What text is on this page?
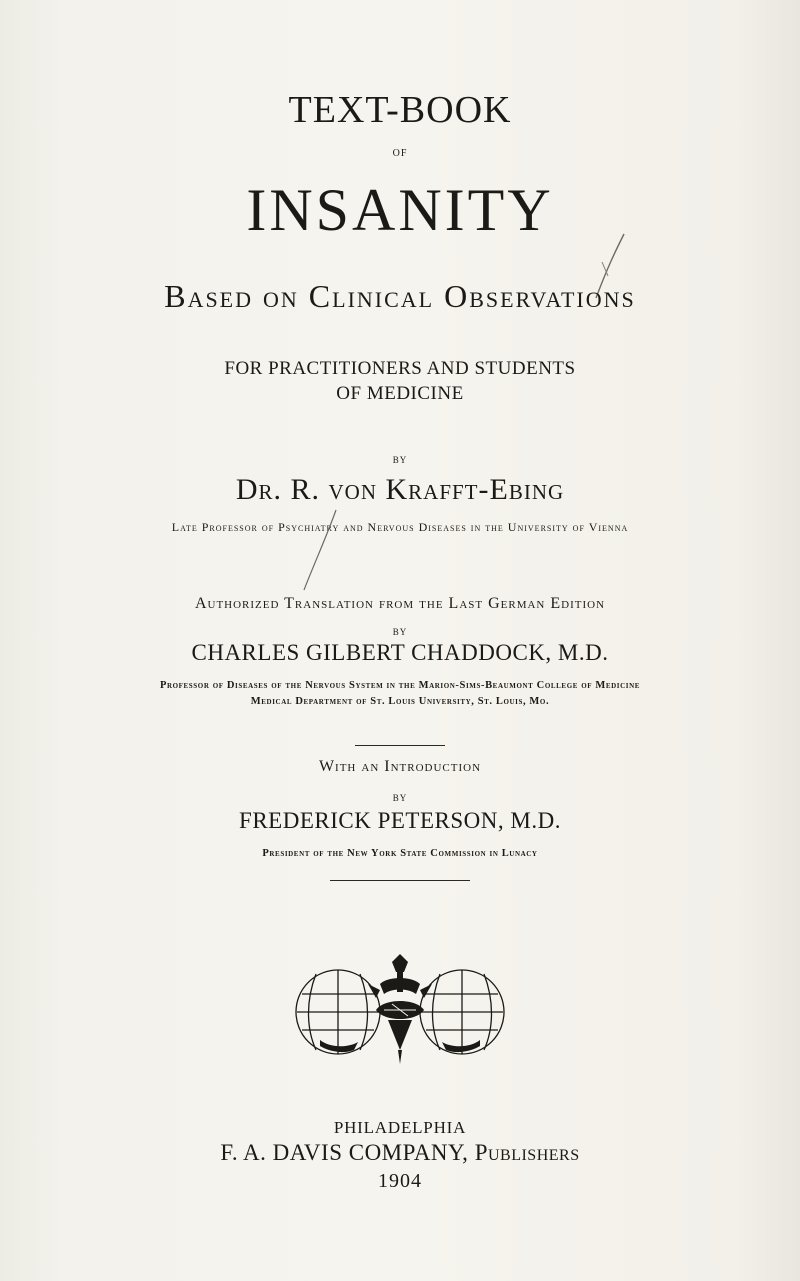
TEXT-BOOK
OF
INSANITY
Based on Clinical Observations
FOR PRACTITIONERS AND STUDENTS
OF MEDICINE
BY
Dr. R. von Krafft-Ebing
Late Professor of Psychiatry and Nervous Diseases in the University of Vienna
Authorized Translation from the Last German Edition
BY
CHARLES GILBERT CHADDOCK, M.D.
Professor of Diseases of the Nervous System in the Marion-Sims-Beaumont College of Medicine
Medical Department of St. Louis University, St. Louis, Mo.
With an Introduction
BY
FREDERICK PETERSON, M.D.
President of the New York State Commission in Lunacy
PHILADELPHIA
F. A. DAVIS COMPANY, Publishers
1904
